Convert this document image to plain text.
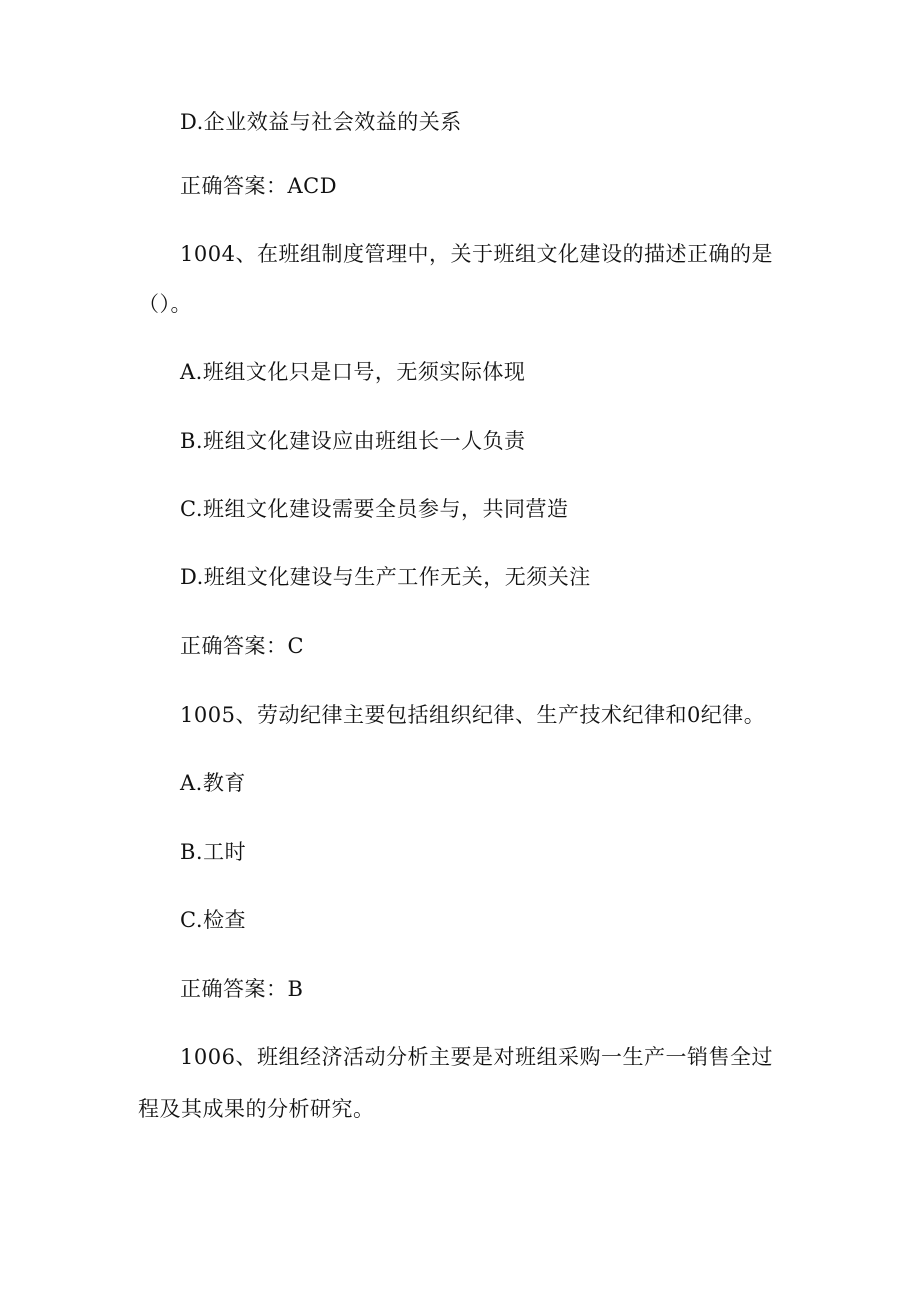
D.企业效益与社会效益的关系
正确答案：ACD
1004、在班组制度管理中，关于班组文化建设的描述正确的是
（）。
A.班组文化只是口号，无须实际体现
B.班组文化建设应由班组长一人负责
C.班组文化建设需要全员参与，共同营造
D.班组文化建设与生产工作无关，无须关注
正确答案：C
1005、劳动纪律主要包括组织纪律、生产技术纪律和0纪律。
A.教育
B.工时
C.检查
正确答案：B
1006、班组经济活动分析主要是对班组采购一生产一销售全过
程及其成果的分析研究。
